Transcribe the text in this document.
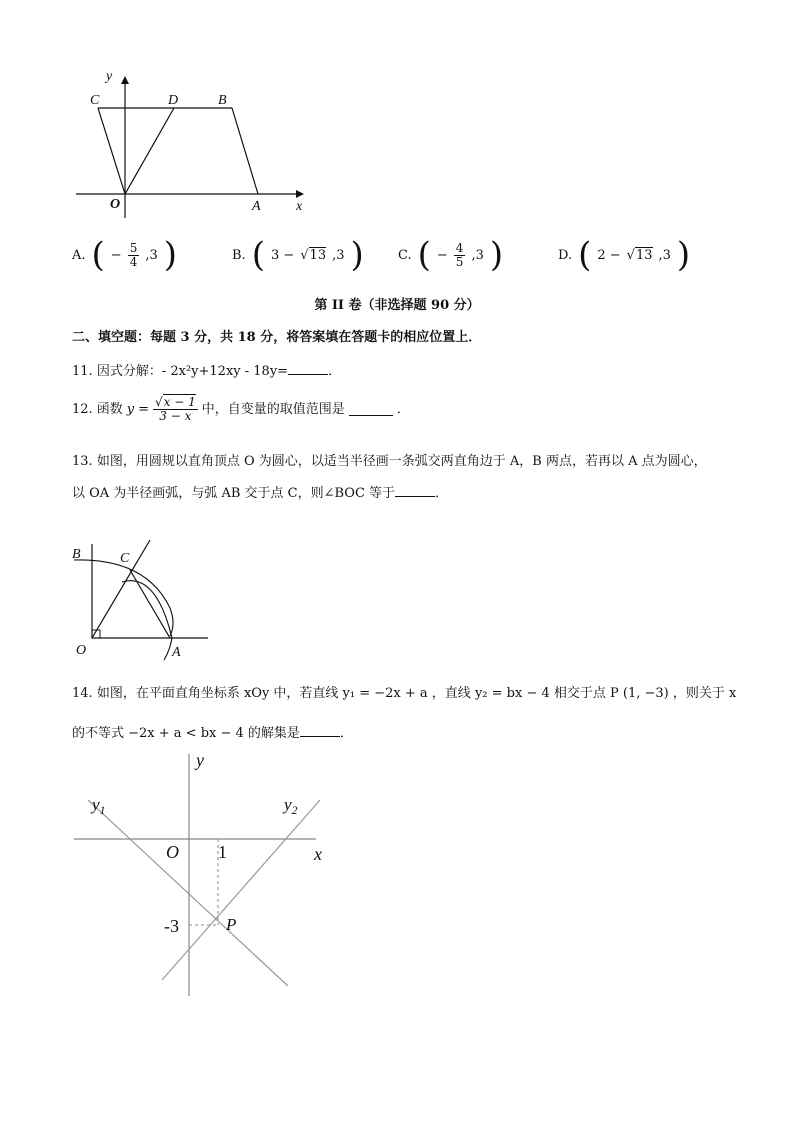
y
C	D	B
O	A	x
A. ( − $\frac{5}{4} ,3$ )	B. ( 3 − √ 13 ,3 )	C. ( − $\frac{4}{5} ,3$ )	D. ( 2 − √ 13 ,3 )
第 II 卷（非选择题 90 分）
二、填空题：每题 3 分，共 18 分，将答案填在答题卡的相应位置上．
11. 因式分解：- 2x²y+12xy - 18y=	．
12. 函数 $y = \frac{√x - 1}{3 - x}$ 中，自变量的取值范围是	．
13. 如图，用圆规以直角顶点 O 为圆心，以适当半径画一条弧交两直角边于 A，B 两点，若再以 A 点为圆心，
以 OA 为半径画弧，与弧 AB 交于点 C，则∠BOC 等于	．
B	C
O	A
14. 如图，在平面直角坐标系 xOy 中，若直线 y₁ = −2x + a ，直线 y₂ = bx − 4 相交于点 P (1, −3) ，则关于 x
的不等式 −2x + a < bx − 4 的解集是	．
y
$y_1$	$y_2$
O 1	x
-3	P
